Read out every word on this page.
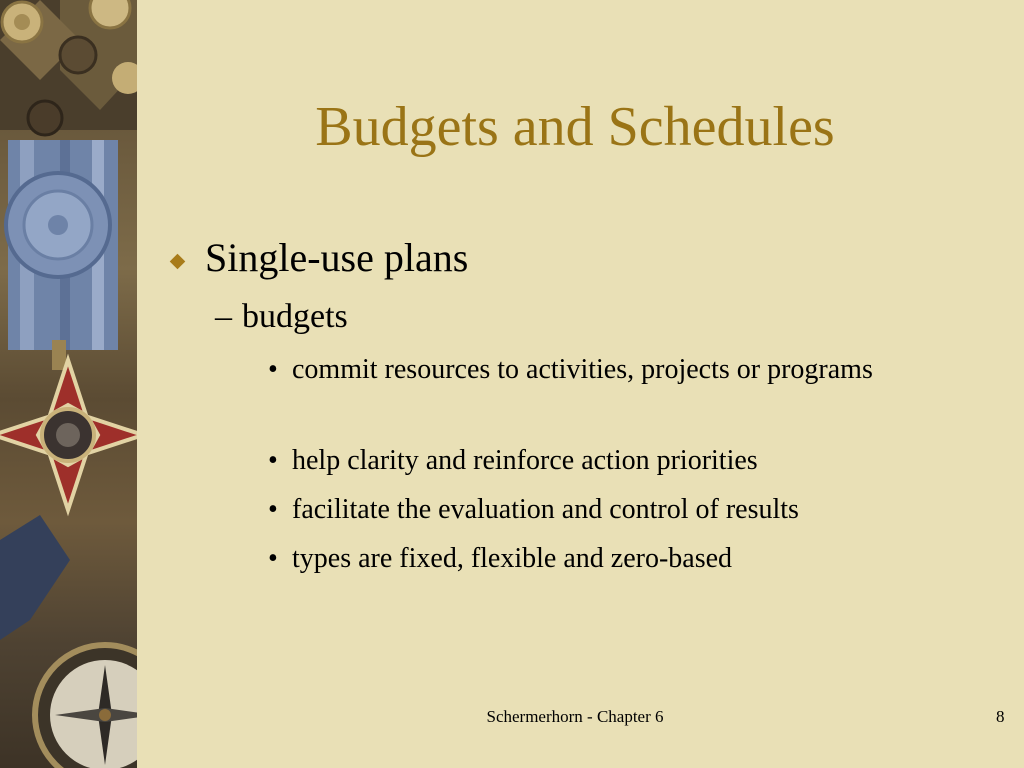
Budgets and Schedules
Single-use plans
– budgets
• commit resources to activities, projects or programs
• help clarity and reinforce action priorities
• facilitate the evaluation and control of results
• types are fixed, flexible and zero-based
Schermerhorn - Chapter 6	8
